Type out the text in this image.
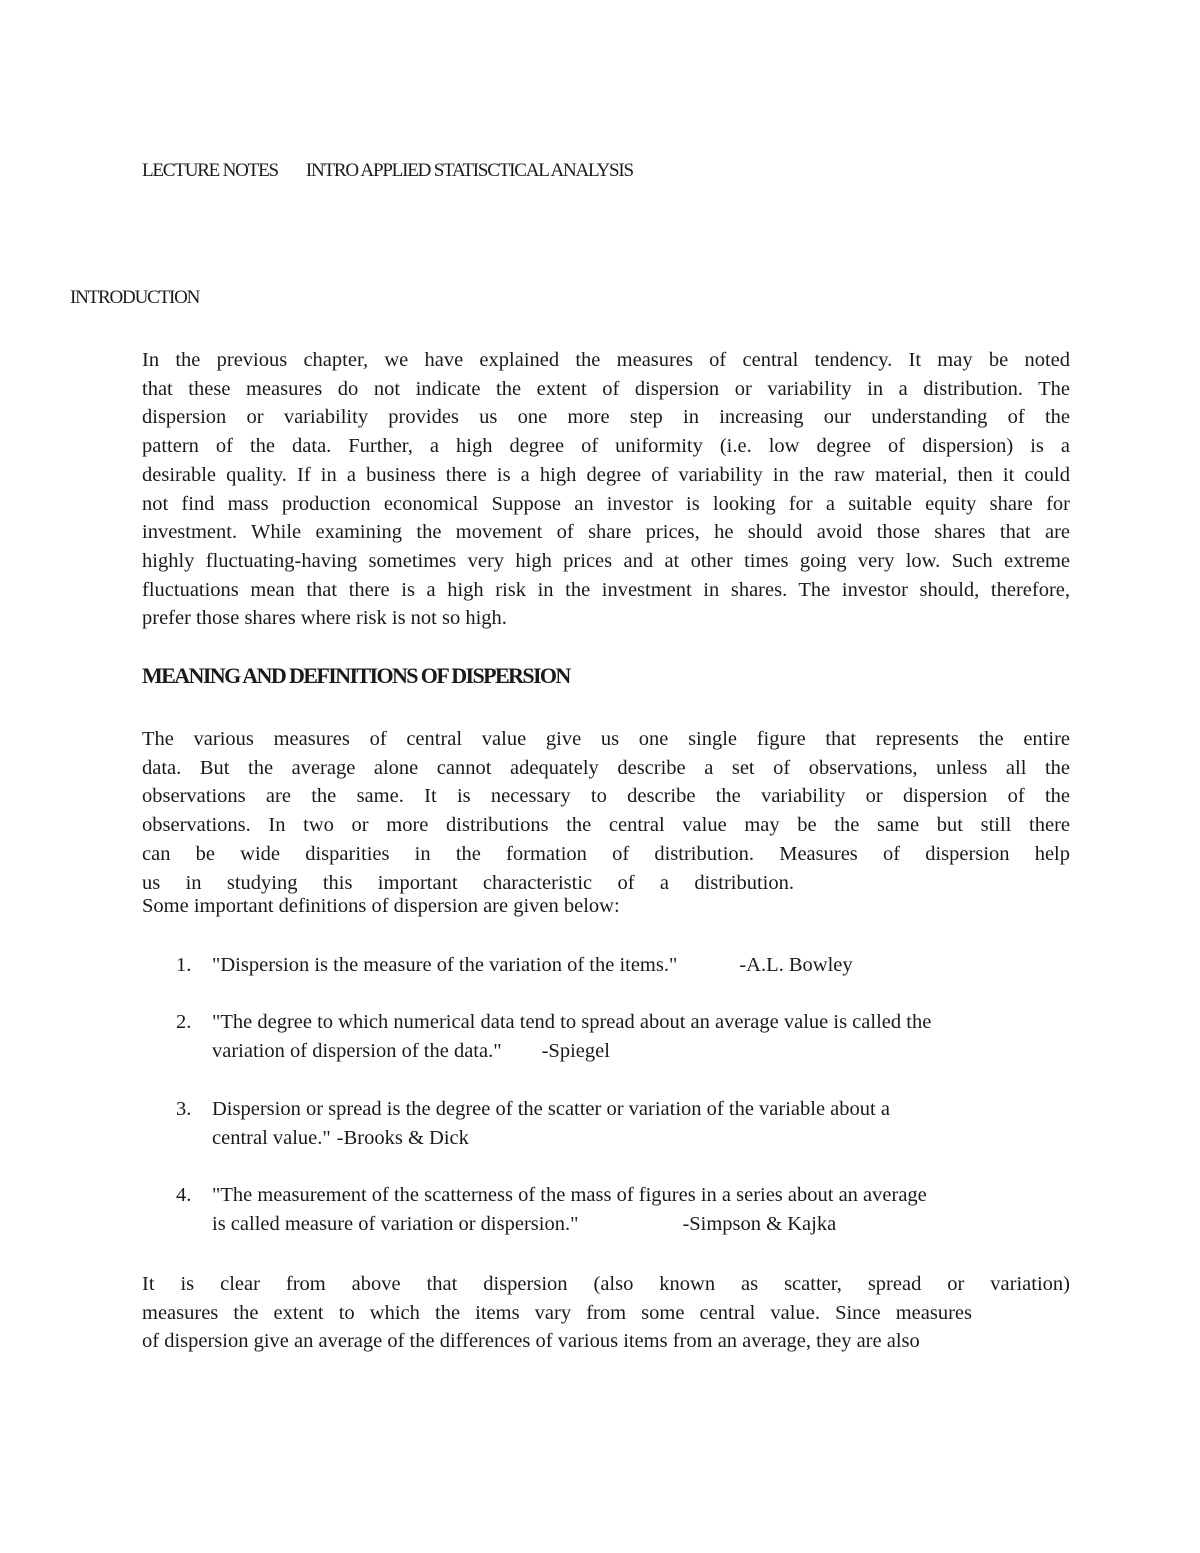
LECTURE NOTES INTRO APPLIED STATISCTICAL ANALYSIS
INTRODUCTION
In the previous chapter, we have explained the measures of central tendency. It may be noted
that these measures do not indicate the extent of dispersion or variability in a distribution. The
dispersion or variability provides us one more step in increasing our understanding of the
pattern of the data. Further, a high degree of uniformity (i.e. low degree of dispersion) is a
desirable quality. If in a business there is a high degree of variability in the raw material, then it could
not find mass production economical Suppose an investor is looking for a suitable equity share for
investment. While examining the movement of share prices, he should avoid those shares that are
highly fluctuating-having sometimes very high prices and at other times going very low. Such extreme
fluctuations mean that there is a high risk in the investment in shares. The investor should, therefore,
prefer those shares where risk is not so high.
MEANING AND DEFINITIONS OF DISPERSION
The various measures of central value give us one single figure that represents the entire
data. But the average alone cannot adequately describe a set of observations, unless all the
observations are the same. It is necessary to describe the variability or dispersion of the
observations. In two or more distributions the central value may be the same but still there
can be wide disparities in the formation of distribution. Measures of dispersion help
us in studying this important characteristic of a distribution.
Some important definitions of dispersion are given below:
1. "Dispersion is the measure of the variation of the items."	-A.L. Bowley
2. "The degree to which numerical data tend to spread about an average value is called the
variation of dispersion of the data." -Spiegel
3. Dispersion or spread is the degree of the scatter or variation of the variable about a
central value." -Brooks & Dick
4. "The measurement of the scatterness of the mass of figures in a series about an average
is called measure of variation or dispersion."	-Simpson & Kajka
It is clear from above that dispersion (also known as scatter, spread or variation)
measures the extent to which the items vary from some central value. Since measures
of dispersion give an average of the differences of various items from an average, they are also
